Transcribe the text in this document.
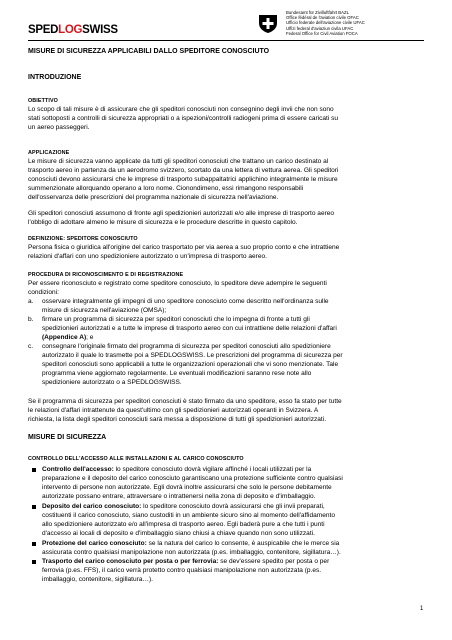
SPEDLOGSWISS
Bundesamt für Zivilluftfahrt BAZL
Office fédéral de l'aviation civile OFAC
Ufficio federale dell'aviazione civile UFAC
Uffizi federal d'aviaziun civila UFAC
Federal Office for Civil Aviation FOCA
MISURE DI SICUREZZA APPLICABILI DALLO SPEDITORE CONOSCIUTO
INTRODUZIONE
OBIETTIVO
Lo scopo di tali misure è di assicurare che gli speditori conosciuti non consegnino degli invii che non sono
stati sottoposti a controlli di sicurezza appropriati o a ispezioni/controlli radiogeni prima di essere caricati su
un aereo passeggeri.
APPLICAZIONE
Le misure di sicurezza vanno applicate da tutti gli speditori conosciuti che trattano un carico destinato al
trasporto aereo in partenza da un aerodromo svizzero, scortato da una lettera di vettura aerea. Gli speditori
conosciuti devono assicurarsi che le imprese di trasporto subappaltatrici applichino integralmente le misure
summenzionate allorquando operano a loro nome. Cionondimeno, essi rimangono responsabili
dell'osservanza delle prescrizioni del programma nazionale di sicurezza nell'aviazione.
Gli speditori conosciuti assumono di fronte agli spedizionieri autorizzati e/o alle imprese di trasporto aereo
l'obbligo di adottare almeno le misure di sicurezza e le procedure descritte in questo capitolo.
DEFINIZIONE: SPEDITORE CONOSCIUTO
Persona fisica o giuridica all'origine del carico trasportato per via aerea a suo proprio conto e che intrattiene
relazioni d'affari con uno spedizioniere autorizzato o un'impresa di trasporto aereo.
PROCEDURA DI RICONOSCIMENTO E DI REGISTRAZIONE
Per essere riconosciuto e registrato come speditore conosciuto, lo speditore deve adempire le seguenti
condizioni:
a. osservare integralmente gli impegni di uno speditore conosciuto come descritto nell'ordinanza sulle
misure di sicurezza nell'aviazione (OMSA);
b. firmare un programma di sicurezza per speditori conosciuti che lo impegna di fronte a tutti gli
spedizionieri autorizzati e a tutte le imprese di trasporto aereo con cui intrattiene delle relazioni d'affari
(Appendice A); e
c. consegnare l'originale firmato del programma di sicurezza per speditori conosciuti allo spedizioniere
autorizzato il quale lo trasmette poi a SPEDLOGSWISS. Le prescrizioni del programma di sicurezza per
speditori conosciuti sono applicabili a tutte le organizzazioni operazionali che vi sono menzionate. Tale
programma viene aggiornato regolarmente. Le eventuali modificazioni saranno rese note allo
spedizioniere autorizzato o a SPEDLOGSWISS.
Se il programma di sicurezza per speditori conosciuti è stato firmato da uno speditore, esso fa stato per tutte
le relazioni d'affari intrattenute da quest'ultimo con gli spedizionieri autorizzati operanti in Svizzera. A
richiesta, la lista degli speditori conosciuti sarà messa a disposizione di tutti gli spedizionieri autorizzati.
MISURE DI SICUREZZA
CONTROLLO DELL'ACCESSO ALLE INSTALLAZIONI E AL CARICO CONOSCIUTO
Controllo dell'accesso: lo speditore conosciuto dovrà vigilare affinché i locali utilizzati per la
preparazione e il deposito del carico conosciuto garantiscano una protezione sufficiente contro qualsiasi
intervento di persone non autorizzate. Egli dovrà inoltre assicurarsi che solo le persone debitamente
autorizzate possano entrare, attraversare o intrattenersi nella zona di deposito e d'imballaggio.
Deposito del carico conosciuto: lo speditore conosciuto dovrà assicurarsi che gli invii preparati,
costituenti il carico conosciuto, siano custoditi in un ambiente sicuro sino al momento dell'affidamento
allo spedizioniere autorizzato e/o all'impresa di trasporto aereo. Egli baderà pure a che tutti i punti
d'accesso ai locali di deposito e d'imballaggio siano chiusi a chiave quando non sono utilizzati.
Protezione del carico conosciuto: se la natura del carico lo consente, è auspicabile che le merce sia
assicurata contro qualsiasi manipolazione non autorizzata (p.es. imballaggio, contenitore, sigillatura…).
Trasporto del carico conosciuto per posta o per ferrovia: se dev'essere spedito per posta o per
ferrovia (p.es. FFS), il carico verrà protetto contro qualsiasi manipolazione non autorizzata (p.es.
imballaggio, contenitore, sigillatura…).
1
